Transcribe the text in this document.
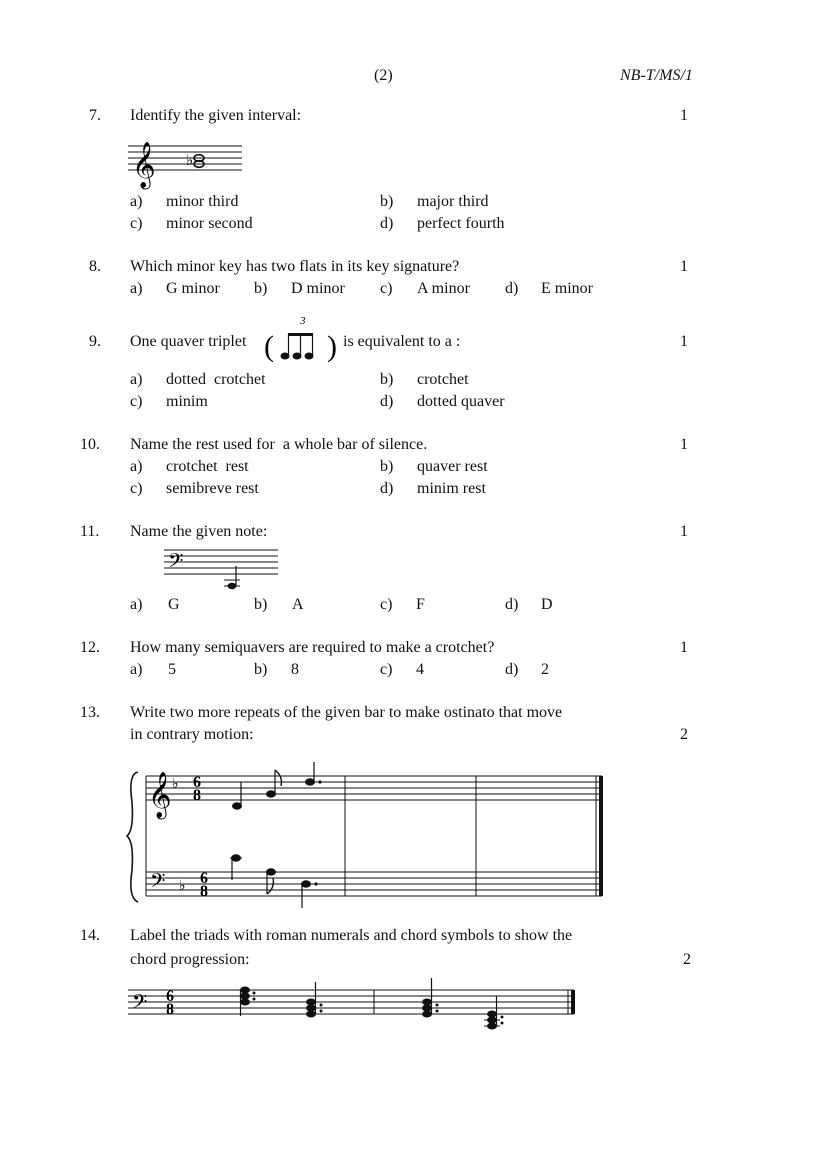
(2)	NB-T/MS/1
7. Identify the given interval:	1
𝄞 ♭
a) minor third	b) major third
c) minor second	d) perfect fourth
8. Which minor key has two flats in its key signature?	1
a) G minor b) D minor c) A minor d) E minor
9. One quaver triplet (
3
) is equivalent to a :	1
a) dotted  crotchet	b) crotchet
c) minim	d) dotted quaver
10. Name the rest used for  a whole bar of silence.	1
a) crotchet  rest	b) quaver rest
c) semibreve rest	d) minim rest
11. Name the given note:	1
𝄢
a) G	b) A	c) F	d) D
12. How many semiquavers are required to make a crotchet?	1
a) 5	b) 8	c) 4	d) 2
13. Write two more repeats of the given bar to make ostinato that move
in contrary motion:	2
𝄞 ♭ 6
8
𝄢 ♭ 6
8
14. Label the triads with roman numerals and chord symbols to show the
chord progression:	2
𝄢 6
8
